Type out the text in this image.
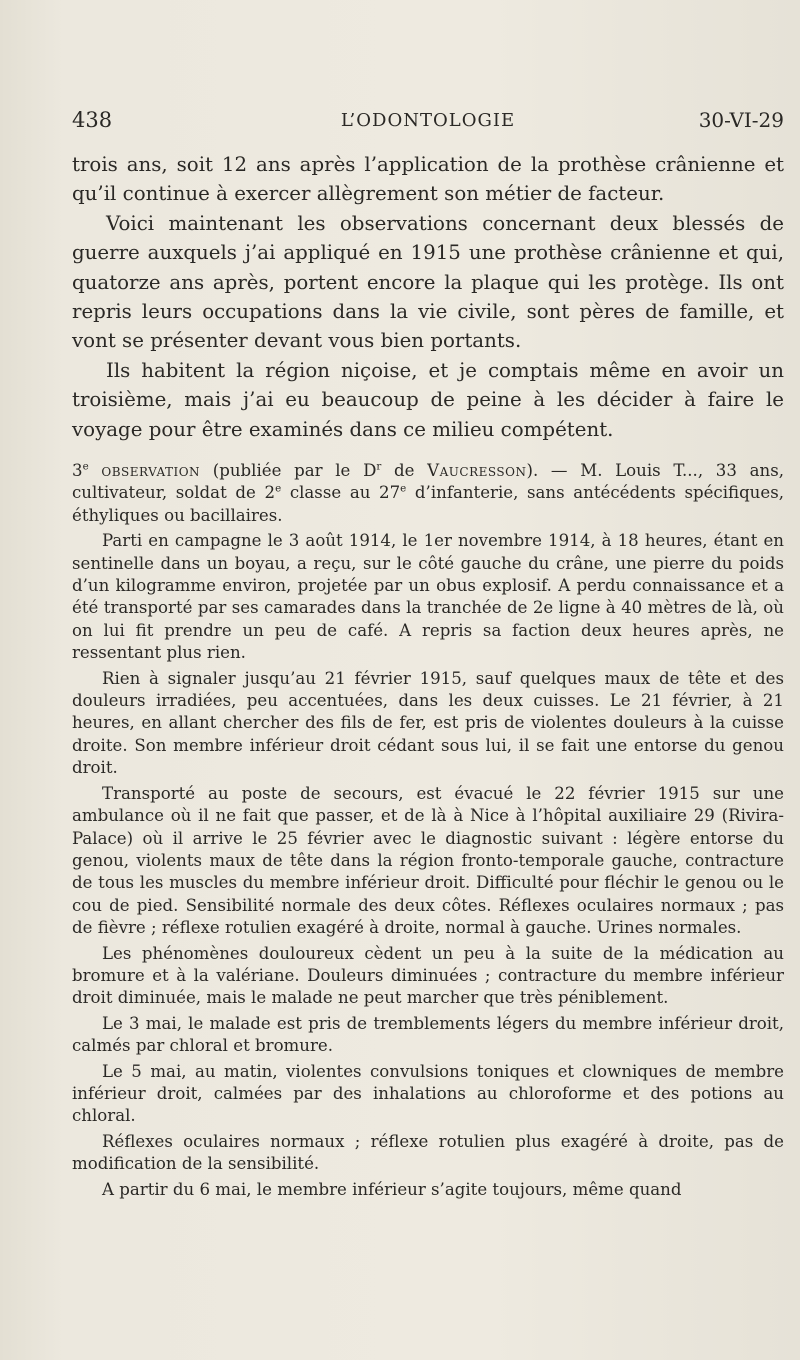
438	L’ODONTOLOGIE	30-VI-29

trois ans, soit 12 ans après l’application de la prothèse crânienne et qu’il continue à exercer allègrement son métier de facteur.

Voici maintenant les observations concernant deux blessés de guerre auxquels j’ai appliqué en 1915 une prothèse crânienne et qui, quatorze ans après, portent encore la plaque qui les protège. Ils ont repris leurs occupations dans la vie civile, sont pères de famille, et vont se présenter devant vous bien portants.

Ils habitent la région niçoise, et je comptais même en avoir un troisième, mais j’ai eu beaucoup de peine à les décider à faire le voyage pour être examinés dans ce milieu compétent.

3e observation (publiée par le $D^r$ de Vaucresson). — M. Louis T..., 33 ans, cultivateur, soldat de 2e classe au 27e d’infanterie, sans antécédents spécifiques, éthyliques ou bacillaires.

Parti en campagne le 3 août 1914, le 1er novembre 1914, à 18 heures, étant en sentinelle dans un boyau, a reçu, sur le côté gauche du crâne, une pierre du poids d’un kilogramme environ, projetée par un obus explosif. A perdu connaissance et a été transporté par ses camarades dans la tranchée de 2e ligne à 40 mètres de là, où on lui fit prendre un peu de café. A repris sa faction deux heures après, ne ressentant plus rien.

Rien à signaler jusqu’au 21 février 1915, sauf quelques maux de tête et des douleurs irradiées, peu accentuées, dans les deux cuisses. Le 21 février, à 21 heures, en allant chercher des fils de fer, est pris de violentes douleurs à la cuisse droite. Son membre inférieur droit cédant sous lui, il se fait une entorse du genou droit.

Transporté au poste de secours, est évacué le 22 février 1915 sur une ambulance où il ne fait que passer, et de là à Nice à l’hôpital auxiliaire 29 (Rivira-Palace) où il arrive le 25 février avec le diagnostic suivant : légère entorse du genou, violents maux de tête dans la région fronto-temporale gauche, contracture de tous les muscles du membre inférieur droit. Difficulté pour fléchir le genou ou le cou de pied. Sensibilité normale des deux côtes. Réflexes oculaires normaux ; pas de fièvre ; réflexe rotulien exagéré à droite, normal à gauche. Urines normales.

Les phénomènes douloureux cèdent un peu à la suite de la médication au bromure et à la valériane. Douleurs diminuées ; contracture du membre inférieur droit diminuée, mais le malade ne peut marcher que très péniblement.

Le 3 mai, le malade est pris de tremblements légers du membre inférieur droit, calmés par chloral et bromure.

Le 5 mai, au matin, violentes convulsions toniques et clowniques de membre inférieur droit, calmées par des inhalations au chloroforme et des potions au chloral.

Réflexes oculaires normaux ; réflexe rotulien plus exagéré à droite, pas de modification de la sensibilité.

A partir du 6 mai, le membre inférieur s’agite toujours, même quand
